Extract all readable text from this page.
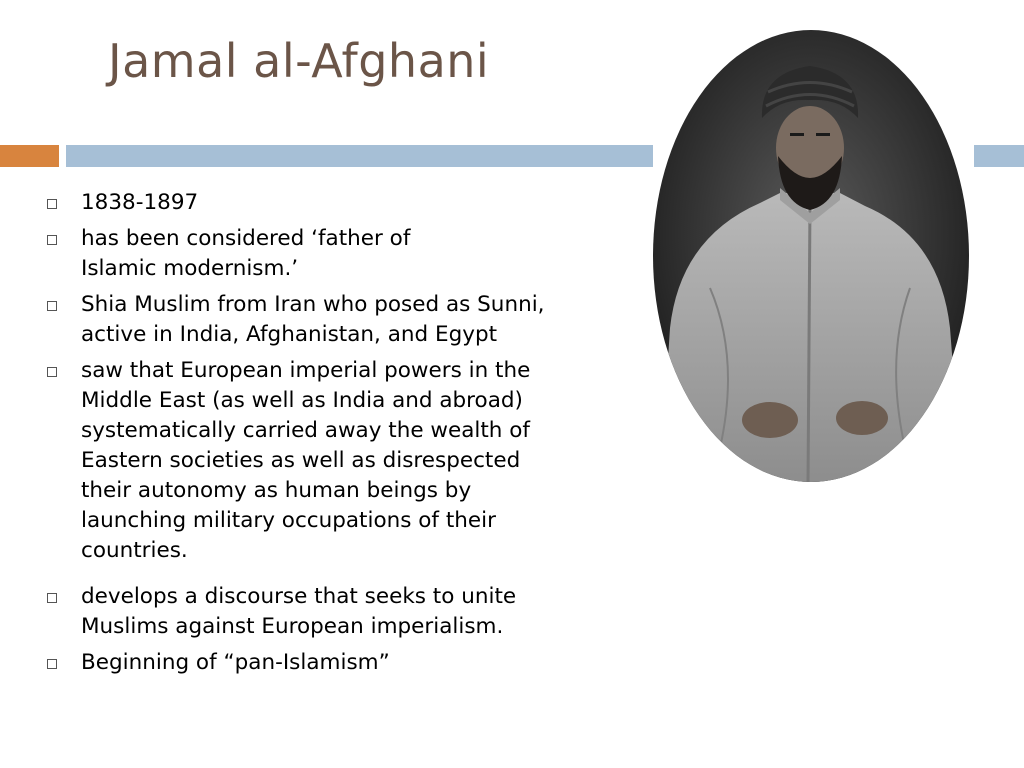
Jamal al-Afghani
1838-1897
has been considered ‘father of
Islamic modernism.’
Shia Muslim from Iran who posed as Sunni,
active in India, Afghanistan, and Egypt
saw that European imperial powers in the
Middle East (as well as India and abroad)
systematically carried away the wealth of
Eastern societies as well as disrespected
their autonomy as human beings by
launching military occupations of their
countries.
develops a discourse that seeks to unite
Muslims against European imperialism.
Beginning of “pan-Islamism”
